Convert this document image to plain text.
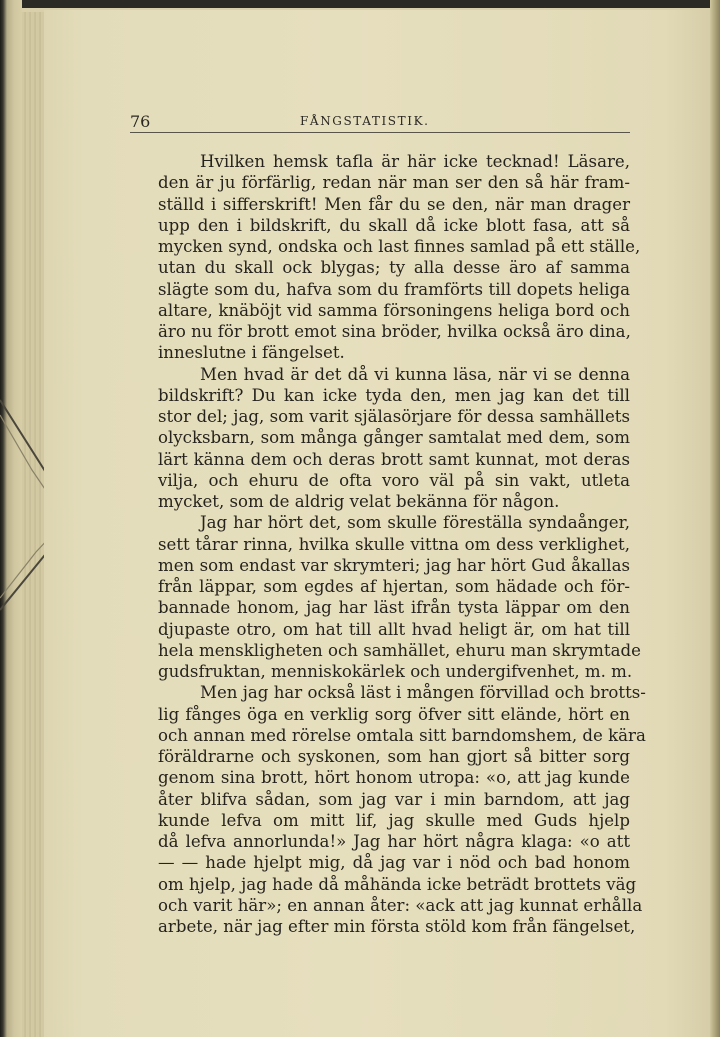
76	FÅNGSTATISTIK.
Hvilken hemsk tafla är här icke tecknad! Läsare,
den är ju förfärlig, redan när man ser den så här fram-
ställd i sifferskrift! Men får du se den, när man drager
upp den i bildskrift, du skall då icke blott fasa, att så
mycken synd, ondska och last finnes samlad på ett ställe,
utan du skall ock blygas; ty alla desse äro af samma
slägte som du, hafva som du framförts till dopets heliga
altare, knäböjt vid samma försoningens heliga bord och
äro nu för brott emot sina bröder, hvilka också äro dina,
inneslutne i fängelset.
Men hvad är det då vi kunna läsa, när vi se denna
bildskrift? Du kan icke tyda den, men jag kan det till
stor del; jag, som varit själasörjare för dessa samhällets
olycksbarn, som många gånger samtalat med dem, som
lärt känna dem och deras brott samt kunnat, mot deras
vilja, och ehuru de ofta voro väl på sin vakt, utleta
mycket, som de aldrig velat bekänna för någon.
Jag har hört det, som skulle föreställa syndaånger,
sett tårar rinna, hvilka skulle vittna om dess verklighet,
men som endast var skrymteri; jag har hört Gud åkallas
från läppar, som egdes af hjertan, som hädade och för-
bannade honom, jag har läst ifrån tysta läppar om den
djupaste otro, om hat till allt hvad heligt är, om hat till
hela menskligheten och samhället, ehuru man skrymtade
gudsfruktan, menniskokärlek och undergifvenhet, m. m.
Men jag har också läst i mången förvillad och brotts-
lig fånges öga en verklig sorg öfver sitt elände, hört en
och annan med rörelse omtala sitt barndomshem, de kära
föräldrarne och syskonen, som han gjort så bitter sorg
genom sina brott, hört honom utropa: «o, att jag kunde
åter blifva sådan, som jag var i min barndom, att jag
kunde lefva om mitt lif, jag skulle med Guds hjelp
då lefva annorlunda!» Jag har hört några klaga: «o att
— — hade hjelpt mig, då jag var i nöd och bad honom
om hjelp, jag hade då måhända icke beträdt brottets väg
och varit här»; en annan åter: «ack att jag kunnat erhålla
arbete, när jag efter min första stöld kom från fängelset,
